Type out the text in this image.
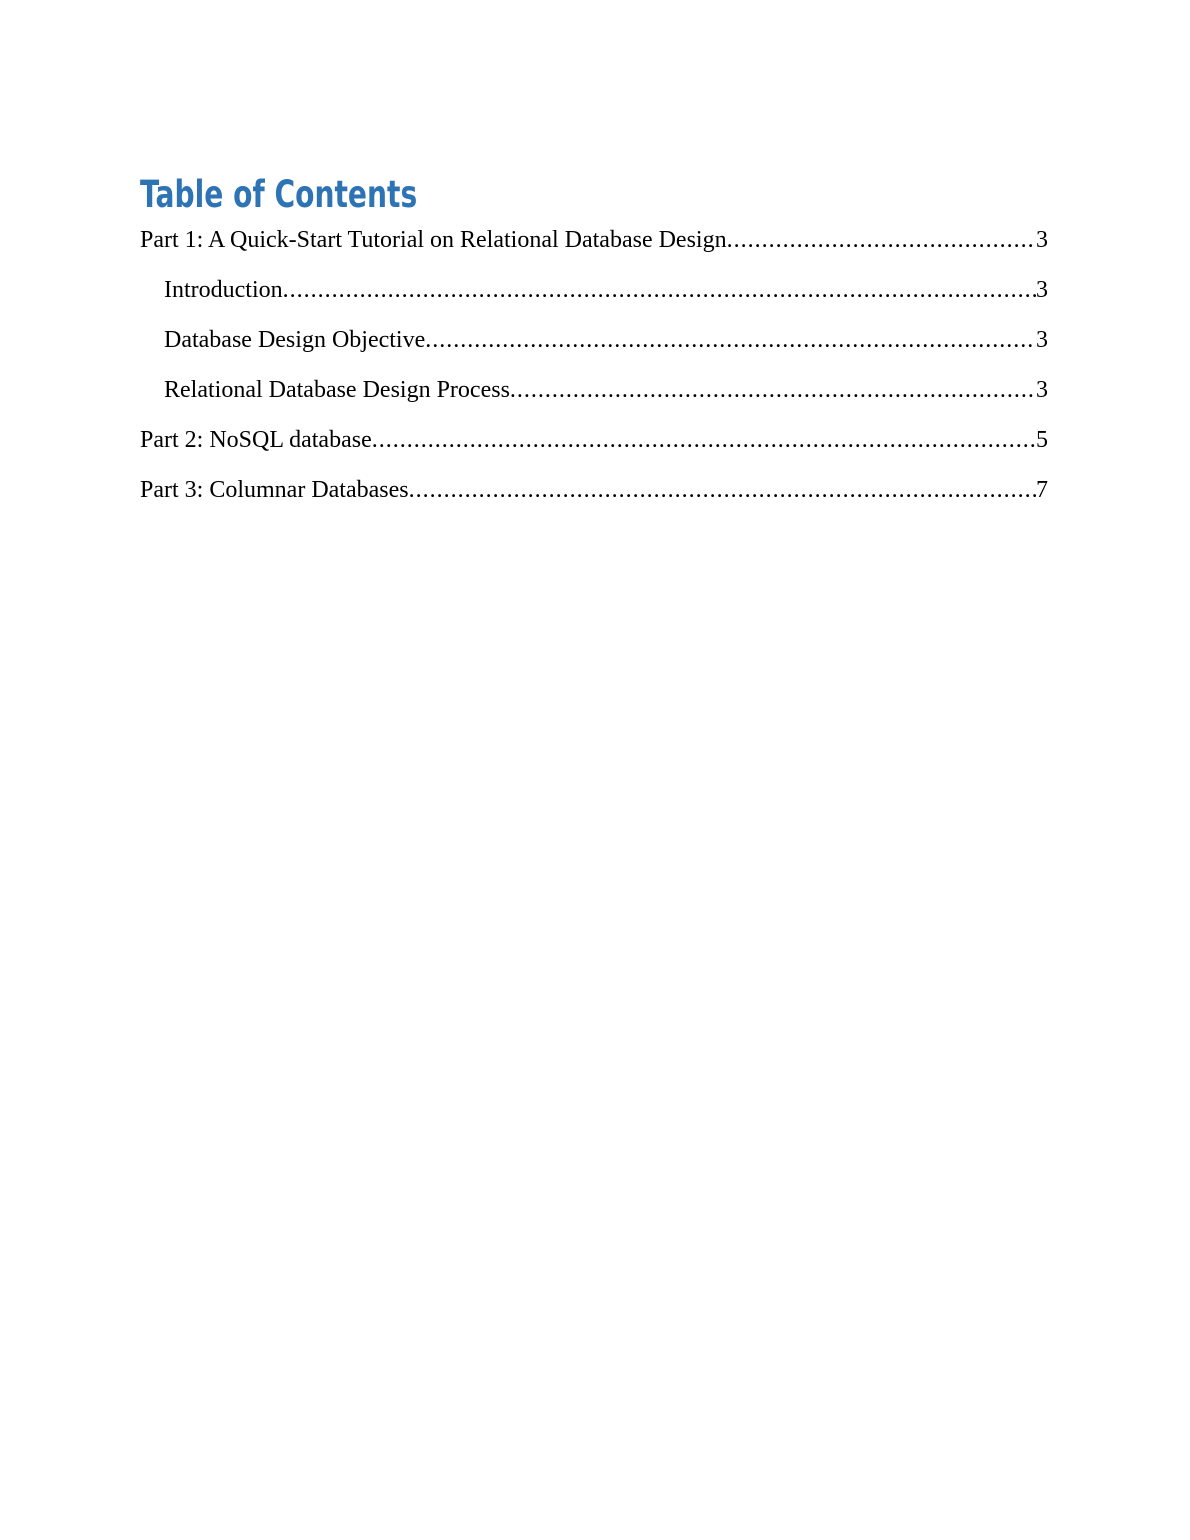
Table of Contents
Part 1: A Quick-Start Tutorial on Relational Database Design .....	3
Introduction .....	3
Database Design Objective .....	3
Relational Database Design Process .....	3
Part 2: NoSQL database .....	5
Part 3: Columnar Databases .....	7
